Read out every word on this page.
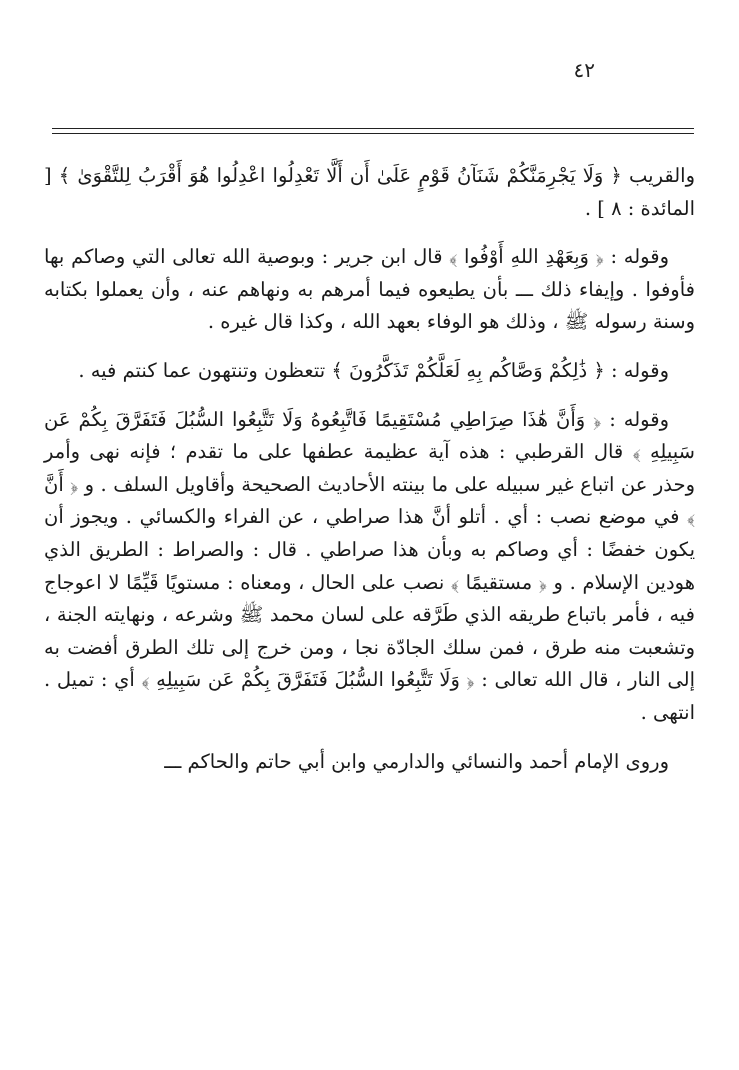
٤٢

والقريب ﴿ وَلَا يَجْرِمَنَّكُمْ شَنَآنُ قَوْمٍ عَلَىٰ أَن أَلَّا تَعْدِلُوا اعْدِلُوا هُوَ أَقْرَبُ لِلتَّقْوَىٰ ﴾ [ المائدة : ٨ ] .

وقوله : ﴿ وَبِعَهْدِ اللهِ أَوْفُوا ﴾ قال ابن جرير : وبوصية الله تعالى التي وصاكم بها فأوفوا . وإيفاء ذلك ـــ بأن يطيعوه فيما أمرهم به ونهاهم عنه ، وأن يعملوا بكتابه وسنة رسوله ﷺ ، وذلك هو الوفاء بعهد الله ، وكذا قال غيره .

وقوله : ﴿ ذَٰلِكُمْ وَصَّاكُم بِهِ لَعَلَّكُمْ تَذَكَّرُونَ ﴾ تتعظون وتنتهون عما كنتم فيه .

وقوله : ﴿ وَأَنَّ هَٰذَا صِرَاطِي مُسْتَقِيمًا فَاتَّبِعُوهُ وَلَا تَتَّبِعُوا السُّبُلَ فَتَفَرَّقَ بِكُمْ عَن سَبِيلِهِ ﴾ قال القرطبي : هذه آية عظيمة عطفها على ما تقدم ؛ فإنه نهى وأمر وحذر عن اتباع غير سبيله على ما بينته الأحاديث الصحيحة وأقاويل السلف . و ﴿ أَنَّ ﴾ في موضع نصب : أي . أتلو أنَّ هذا صراطي ، عن الفراء والكسائي . ويجوز أن يكون خفضًا : أي وصاكم به وبأن هذا صراطي . قال : والصراط : الطريق الذي هودين الإسلام . و ﴿ مستقيمًا ﴾ نصب على الحال ، ومعناه : مستويًا قَيِّمًا لا اعوجاج فيه ، فأمر باتباع طريقه الذي طَرَّقه على لسان محمد ﷺ وشرعه ، ونهايته الجنة ، وتشعبت منه طرق ، فمن سلك الجادّة نجا ، ومن خرج إلى تلك الطرق أفضت به إلى النار ، قال الله تعالى : ﴿ وَلَا تَتَّبِعُوا السُّبُلَ فَتَفَرَّقَ بِكُمْ عَن سَبِيلِهِ ﴾ أي : تميل . انتهى .

وروى الإمام أحمد والنسائي والدارمي وابن أبي حاتم والحاكم ـــ
